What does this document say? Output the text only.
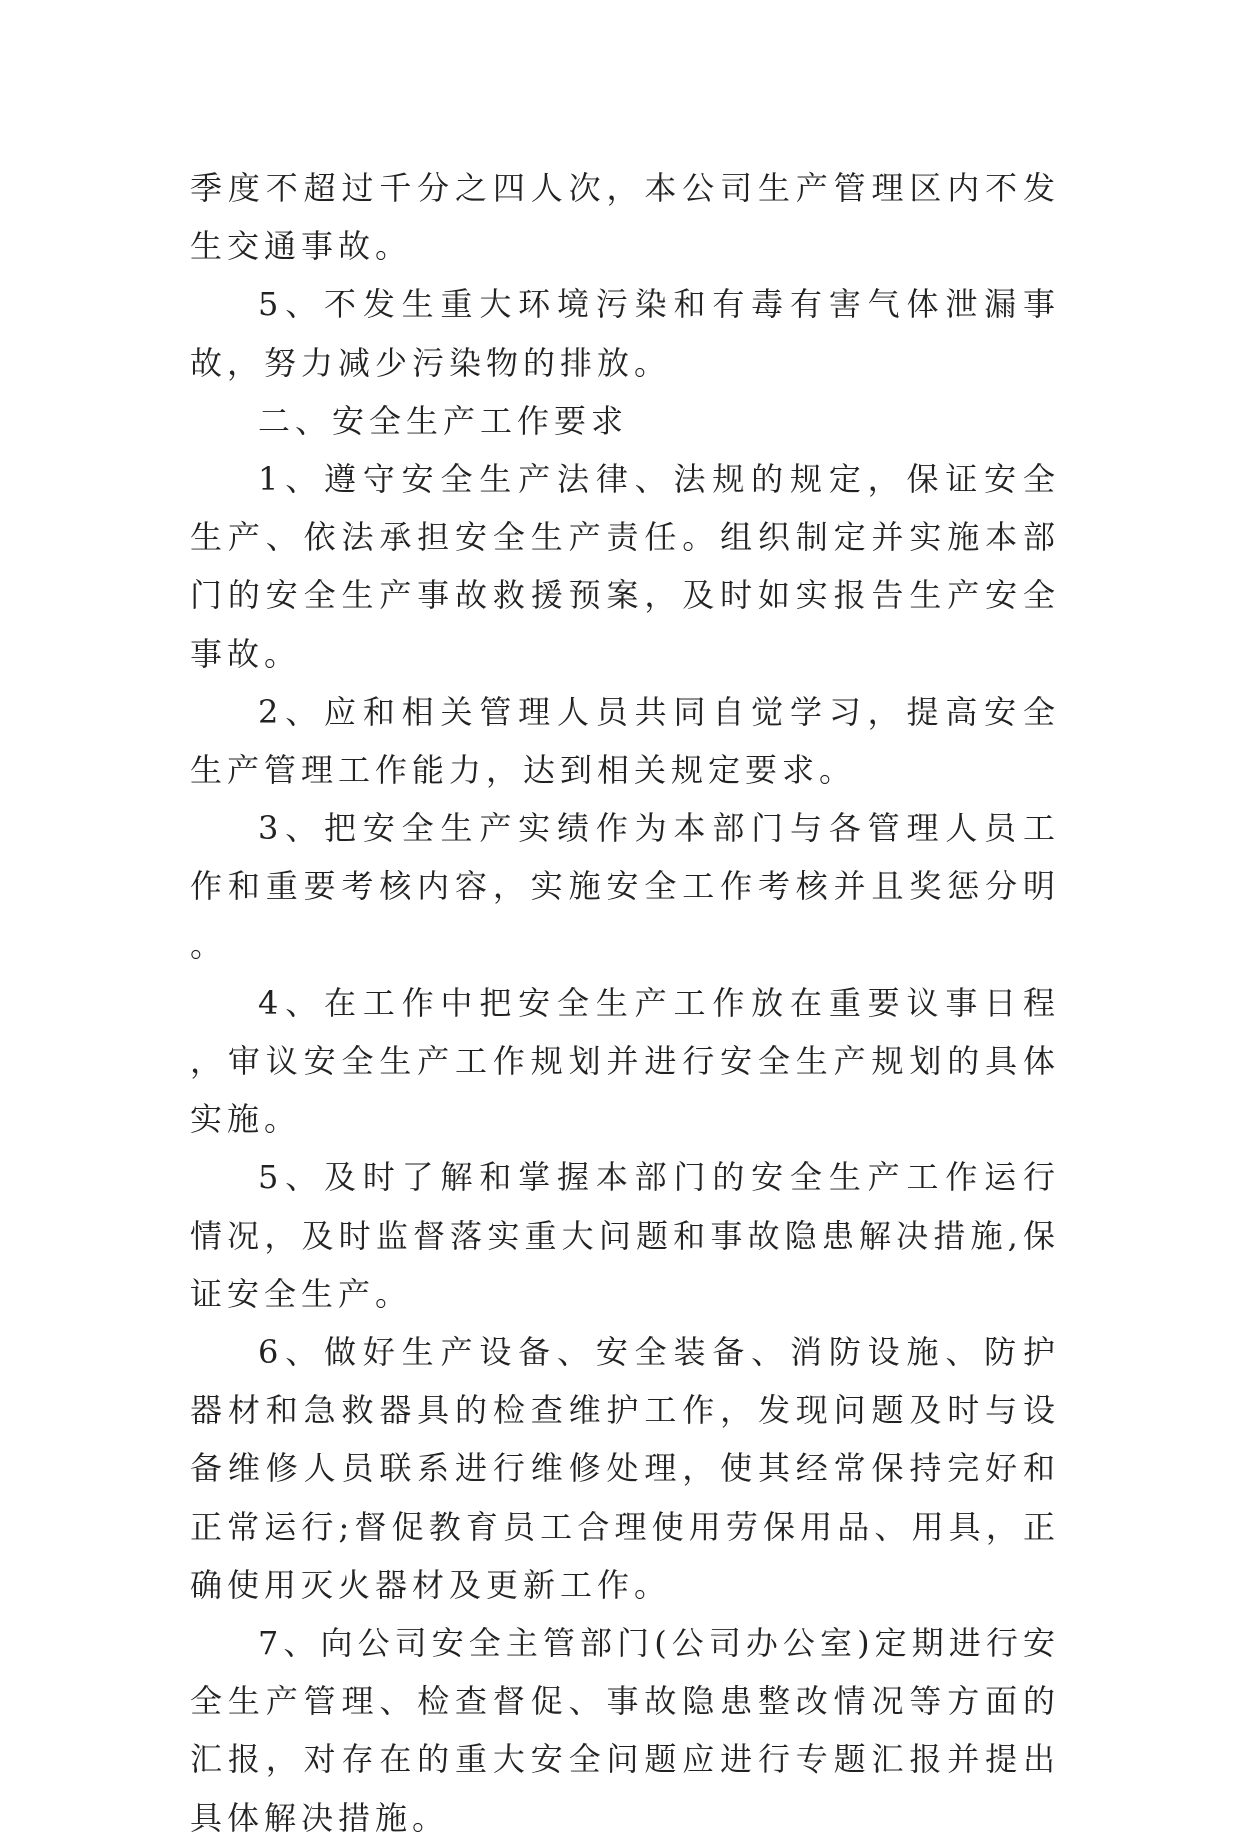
季度不超过千分之四人次，本公司生产管理区内不发生交通事故。

5、不发生重大环境污染和有毒有害气体泄漏事故，努力减少污染物的排放。

二、安全生产工作要求

1、遵守安全生产法律、法规的规定，保证安全生产、依法承担安全生产责任。组织制定并实施本部门的安全生产事故救援预案，及时如实报告生产安全事故。

2、应和相关管理人员共同自觉学习，提高安全生产管理工作能力，达到相关规定要求。

3、把安全生产实绩作为本部门与各管理人员工作和重要考核内容，实施安全工作考核并且奖惩分明。

4、在工作中把安全生产工作放在重要议事日程，审议安全生产工作规划并进行安全生产规划的具体实施。

5、及时了解和掌握本部门的安全生产工作运行情况，及时监督落实重大问题和事故隐患解决措施,保证安全生产。

6、做好生产设备、安全装备、消防设施、防护器材和急救器具的检查维护工作，发现问题及时与设备维修人员联系进行维修处理，使其经常保持完好和正常运行;督促教育员工合理使用劳保用品、用具，正确使用灭火器材及更新工作。

7、向公司安全主管部门(公司办公室)定期进行安全生产管理、检查督促、事故隐患整改情况等方面的汇报，对存在的重大安全问题应进行专题汇报并提出具体解决措施。
